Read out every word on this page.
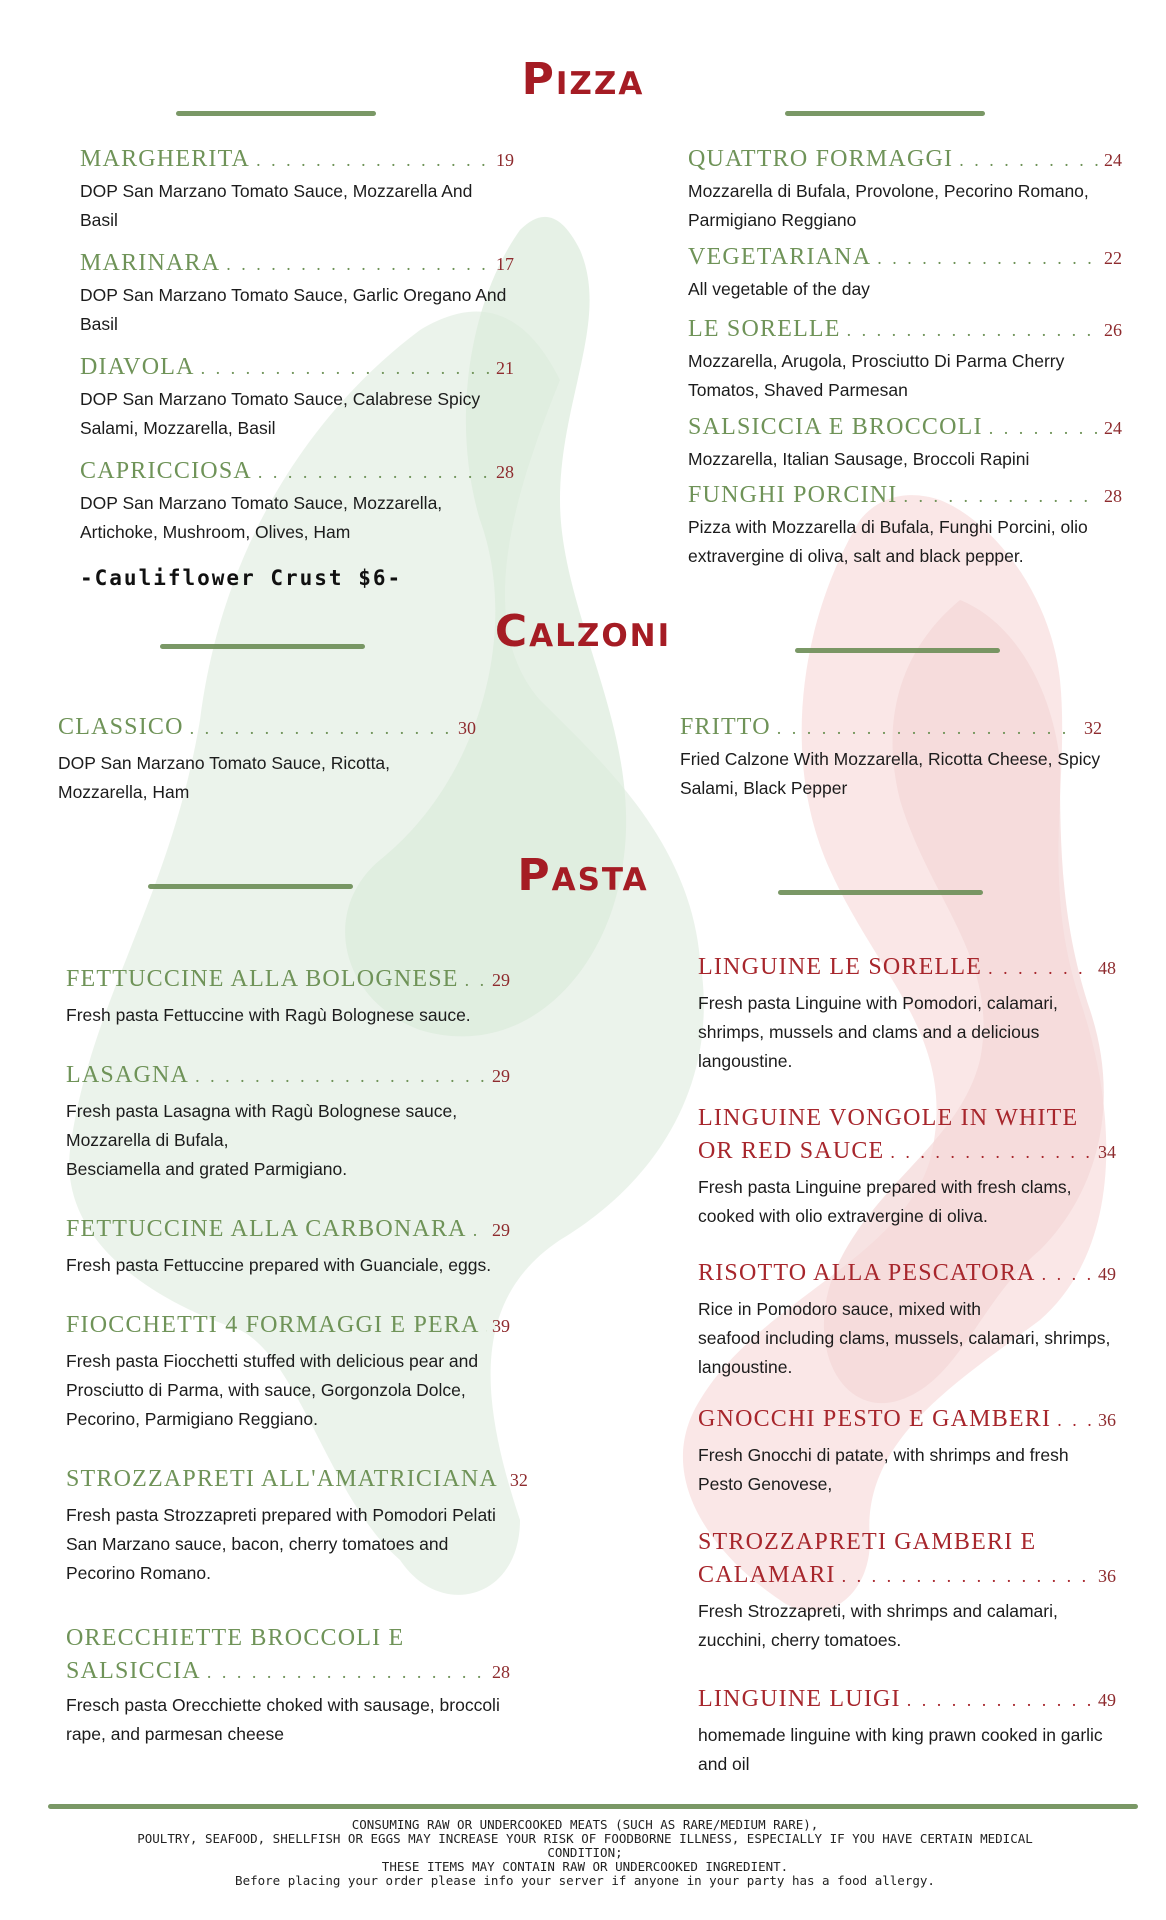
Pizza
MARGHERITA . . .	19
DOP San Marzano Tomato Sauce, Mozzarella And Basil
MARINARA . . .	17
DOP San Marzano Tomato Sauce, Garlic Oregano And Basil
DIAVOLA . . .	21
DOP San Marzano Tomato Sauce, Calabrese Spicy Salami, Mozzarella, Basil
CAPRICCIOSA . . .	28
DOP San Marzano Tomato Sauce, Mozzarella, Artichoke, Mushroom, Olives, Ham
-Cauliflower Crust $6-
QUATTRO FORMAGGI . . .	24
Mozzarella di Bufala, Provolone, Pecorino Romano, Parmigiano Reggiano
VEGETARIANA . . .	22
All vegetable of the day
LE SORELLE . . .	26
Mozzarella, Arugola, Prosciutto Di Parma Cherry Tomatos, Shaved Parmesan
SALSICCIA E BROCCOLI . . .	24
Mozzarella, Italian Sausage, Broccoli Rapini
FUNGHI PORCINI . . .	28
Pizza with Mozzarella di Bufala, Funghi Porcini, olio extravergine di oliva, salt and black pepper.
Calzoni
CLASSICO . . .	30
DOP San Marzano Tomato Sauce, Ricotta, Mozzarella, Ham
FRITTO . . .	32
Fried Calzone With Mozzarella, Ricotta Cheese, Spicy Salami, Black Pepper
Pasta
FETTUCCINE ALLA BOLOGNESE . . . 29
Fresh pasta Fettuccine with Ragù Bolognese sauce.
LASAGNA . . .	29
Fresh pasta Lasagna with Ragù Bolognese sauce, Mozzarella di Bufala,
Besciamella and grated Parmigiano.
FETTUCCINE ALLA CARBONARA . . . 29
Fresh pasta Fettuccine prepared with Guanciale, eggs.
FIOCCHETTI 4 FORMAGGI E PERA . . . 39
Fresh pasta Fiocchetti stuffed with delicious pear and Prosciutto di Parma, with sauce, Gorgonzola Dolce, Pecorino, Parmigiano Reggiano.
STROZZAPRETI ALL'AMATRICIANA 32
Fresh pasta Strozzapreti prepared with Pomodori Pelati San Marzano sauce, bacon, cherry tomatoes and Pecorino Romano.
ORECCHIETTE BROCCOLI E
SALSICCIA . . .	28
Fresch pasta Orecchiette choked with sausage, broccoli rape, and parmesan cheese
LINGUINE LE SORELLE . . .	48
Fresh pasta Linguine with Pomodori, calamari, shrimps, mussels and clams and a delicious langoustine.
LINGUINE VONGOLE IN WHITE
OR RED SAUCE . . .	34
Fresh pasta Linguine prepared with fresh clams, cooked with olio extravergine di oliva.
RISOTTO ALLA PESCATORA . . .	49
Rice in Pomodoro sauce, mixed with
seafood including clams, mussels, calamari, shrimps, langoustine.
GNOCCHI PESTO E GAMBERI . . .	36
Fresh Gnocchi di patate, with shrimps and fresh Pesto Genovese,
STROZZAPRETI GAMBERI E
CALAMARI . . .	36
Fresh Strozzapreti, with shrimps and calamari, zucchini, cherry tomatoes.
LINGUINE LUIGI . . .	49
homemade linguine with king prawn cooked in garlic and oil
CONSUMING RAW OR UNDERCOOKED MEATS (SUCH AS RARE/MEDIUM RARE),
POULTRY, SEAFOOD, SHELLFISH OR EGGS MAY INCREASE YOUR RISK OF FOODBORNE ILLNESS, ESPECIALLY IF YOU HAVE CERTAIN MEDICAL
CONDITION;
THESE ITEMS MAY CONTAIN RAW OR UNDERCOOKED INGREDIENT.
Before placing your order please info your server if anyone in your party has a food allergy.
